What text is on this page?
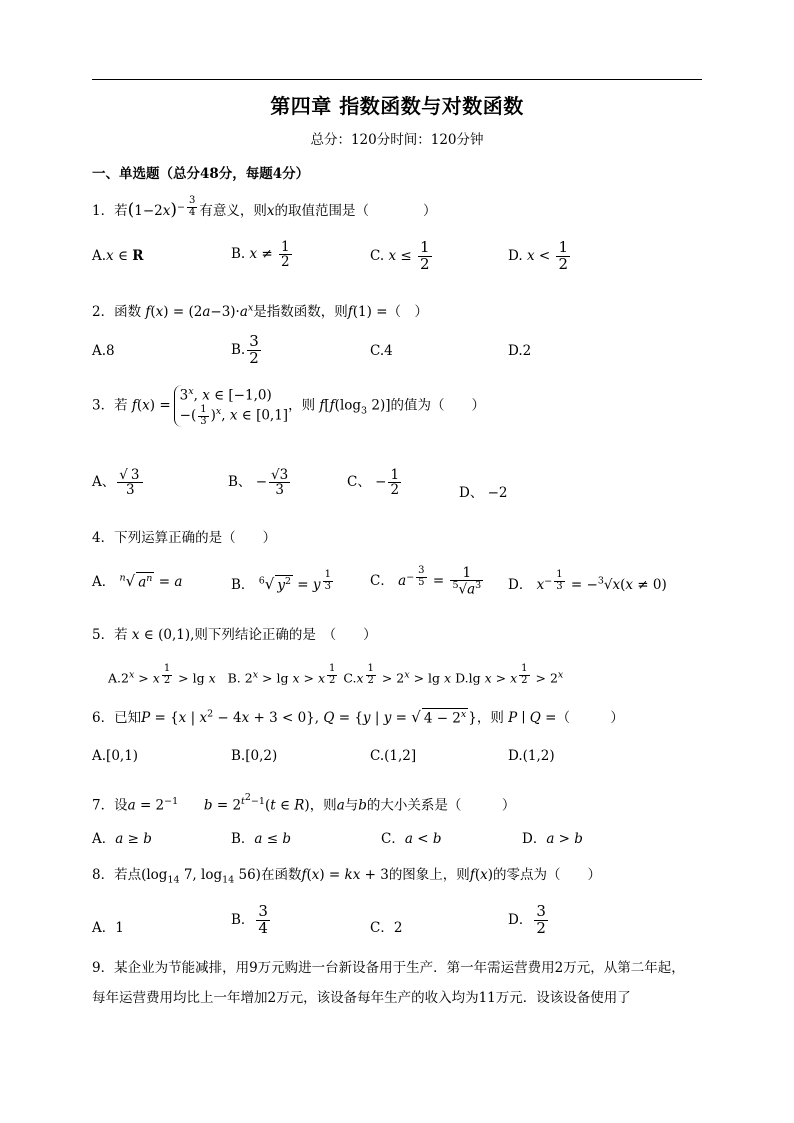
第四章 指数函数与对数函数
总分：120分时间：120分钟
一、单选题（总分48分，每题4分）
1．若$(1-2x)^{- \frac{3}{4}}$ 有意义，则x的取值范围是（　　　　）
A.x ∈ R	B. $x \ne \frac{1}{2}$	C. $x \le \frac{1}{2}$	D. $x < \frac{1}{2}$
2．函数 $f(x) = (2a-3)\cdot a^x$是指数函数，则f(1) =（　）
A.8	B. $\frac{3}{2}$	C.4	D.2
3．若 f(x) =
$3^x$, x ∈ [−1,0)
−( $\frac{1}{3} )^x$, x ∈ [0,1]
，则 $f[f(\log_3$ 2)]的值为（　　）
A、 $\frac{√ 3}{3}$	B、 − $\frac{√3}{3}$	C、 − $\frac{1}{2}$	D、 −2
4．下列运算正确的是（　　）
A． $^n$√ $a^n = a$	B． $^6$√ $y^2 = y$ $^{\frac{1}{3}}$	C． $a^{- \frac{3}{5}} = \frac{1}{^5√a^3}$ D． $x^{- \frac{1}{3}} = -^3√x(x \ne 0)$
5．若 x ∈ (0,1),则下列结论正确的是　（　　）
$A.2^x > x$ $^{\frac{1}{2}}$ > lg x B. $2^x > \lg x > x$ $^{\frac{1}{2}}$ C.x $^{\frac{1}{2}} > 2^x > \lg x$ D.lg x > x $^{\frac{1}{2}} > 2^x$
6．已知P = {x | $x^2 - 4x + 3 < 0$}, Q = {y | y = √ $4 - 2^x$ }，则 P ∣ Q =（　　　）
A.[0,1)	B.[0,2)	C.(1,2]	D.(1,2)
7．设$a = 2^{-1}$ $b = 2^{t^2-1}(t$ ∈ R)，则a与b的大小关系是（　　　）
A．a ≥ b	B．a ≤ b	C．a < b	D．a > b
8．若点($\log_{14}$ 7, $\log_{14} 56$)在函数f(x) = kx + 3的图象上，则f(x)的零点为（　　）
A．1
B． $\frac{3}{4}$	C．2
D． $\frac{3}{2}$
9．某企业为节能减排，用9万元购进一台新设备用于生产．第一年需运营费用2万元，从第二年起，
每年运营费用均比上一年增加2万元，该设备每年生产的收入均为11万元．设该设备使用了
